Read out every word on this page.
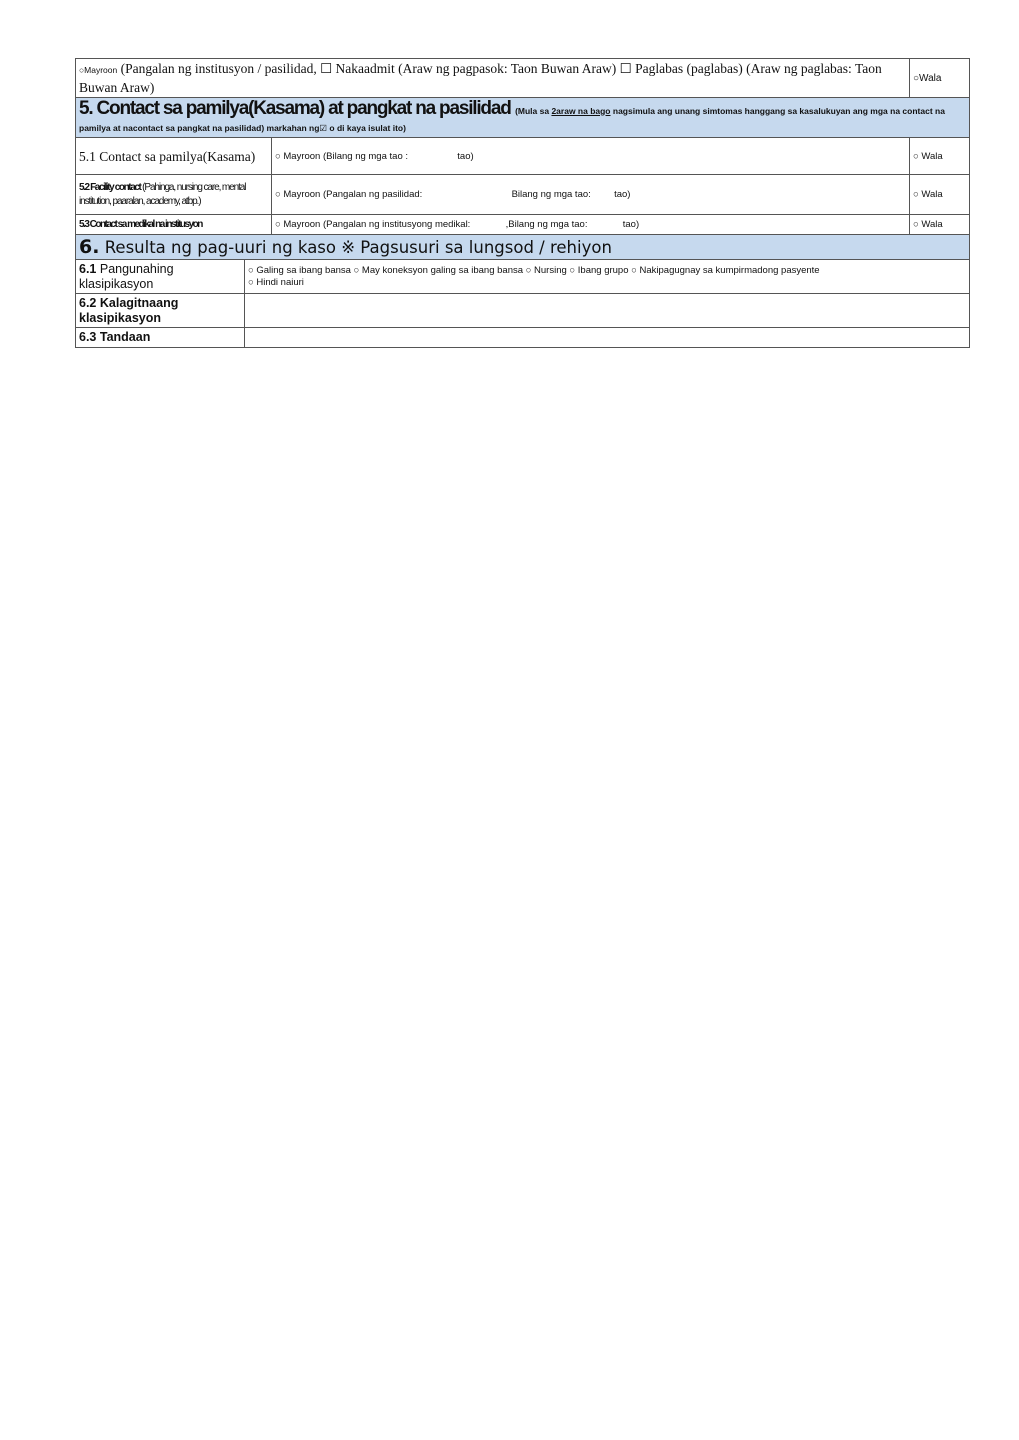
○Mayroon (Pangalan ng institusyon / pasilidad, ☐ Nakaadmit (Araw ng pagpasok: Taon Buwan Araw) ☐ Paglabas (paglabas) (Araw ng paglabas: Taon Buwan Araw)			○Wala
5. Contact sa pamilya(Kasama) at pangkat na pasilidad (Mula sa 2araw na bago nagsimula ang unang simtomas hanggang sa kasalukuyan ang mga na contact na pamilya at nacontact sa pangkat na pasilidad) markahan ng☑ o di kaya isulat ito)			
5.1 Contact sa pamilya(Kasama)		○ Mayroon (Bilang ng mga tao : tao)	○ Wala
5.2 Facility contact (Pahinga, nursing care, mental institution, paaralan, academy, atbp.)		○ Mayroon (Pangalan ng pasilidad: Bilang ng mga tao: tao)	○ Wala
5.3 Contact sa medikal na institusyon		○ Mayroon (Pangalan ng institusyong medikal: ,Bilang ng mga tao: tao)	○ Wala
6. Resulta ng pag-uuri ng kaso ※ Pagsusuri sa lungsod / rehiyon			
6.1 Pangunahing klasipikasyon	○ Galing sa ibang bansa ○ May koneksyon galing sa ibang bansa ○ Nursing ○ Ibang grupo ○ Nakipagugnay sa kumpirmadong pasyente
○ Hindi naiuri		

6.2 Kalagitnaang klasipikasyon			
6.3 Tandaan			
